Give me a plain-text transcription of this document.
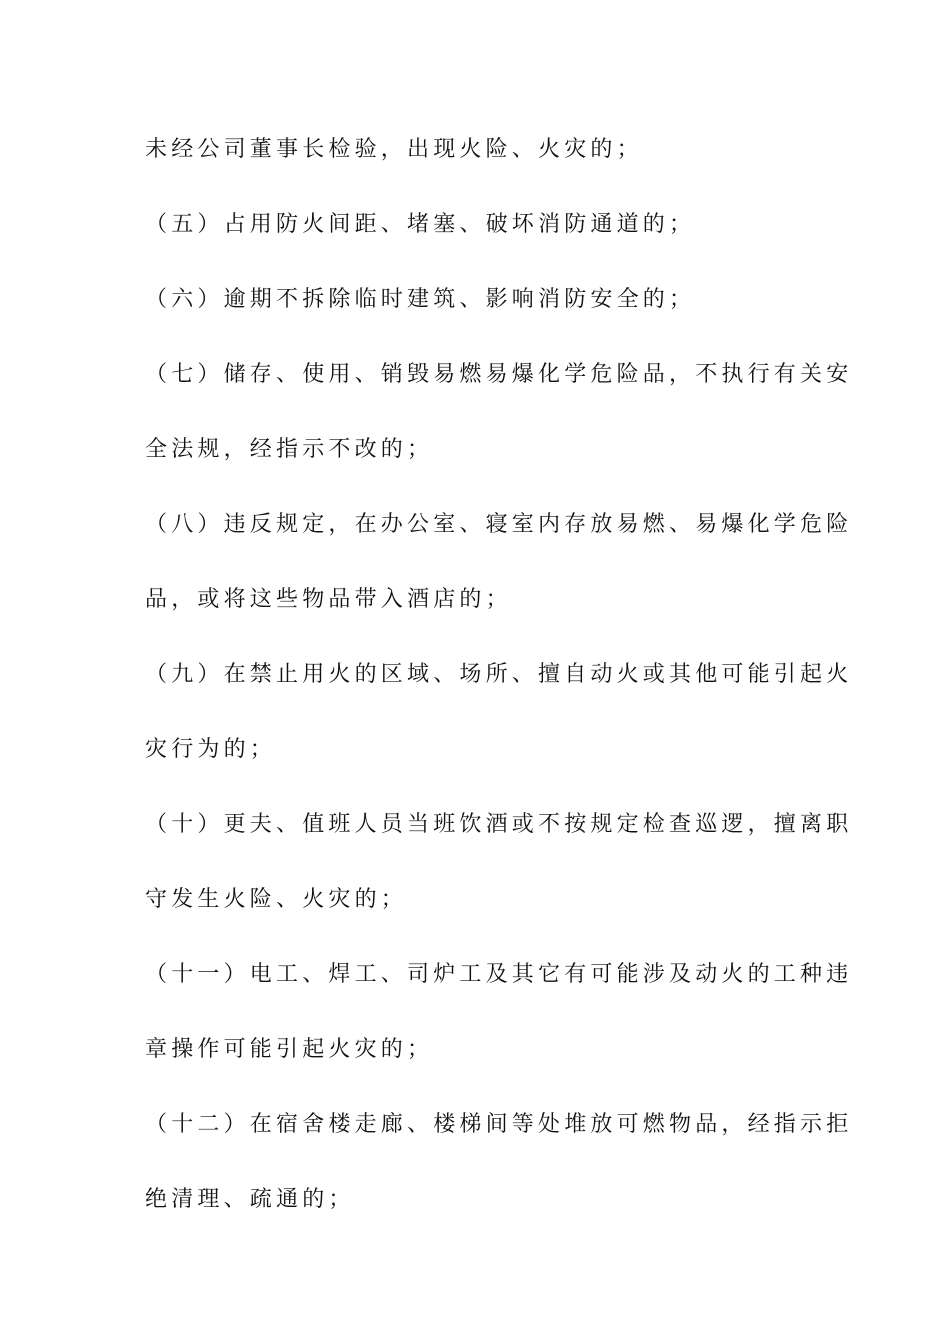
未经公司董事长检验，出现火险、火灾的；
（五）占用防火间距、堵塞、破坏消防通道的；
（六）逾期不拆除临时建筑、影响消防安全的；
（七）储存、使用、销毁易燃易爆化学危险品，不执行有关安
全法规，经指示不改的；
（八）违反规定，在办公室、寝室内存放易燃、易爆化学危险
品，或将这些物品带入酒店的；
（九）在禁止用火的区域、场所、擅自动火或其他可能引起火
灾行为的；
（十）更夫、值班人员当班饮酒或不按规定检查巡逻，擅离职
守发生火险、火灾的；
（十一）电工、焊工、司炉工及其它有可能涉及动火的工种违
章操作可能引起火灾的；
（十二）在宿舍楼走廊、楼梯间等处堆放可燃物品，经指示拒
绝清理、疏通的；
